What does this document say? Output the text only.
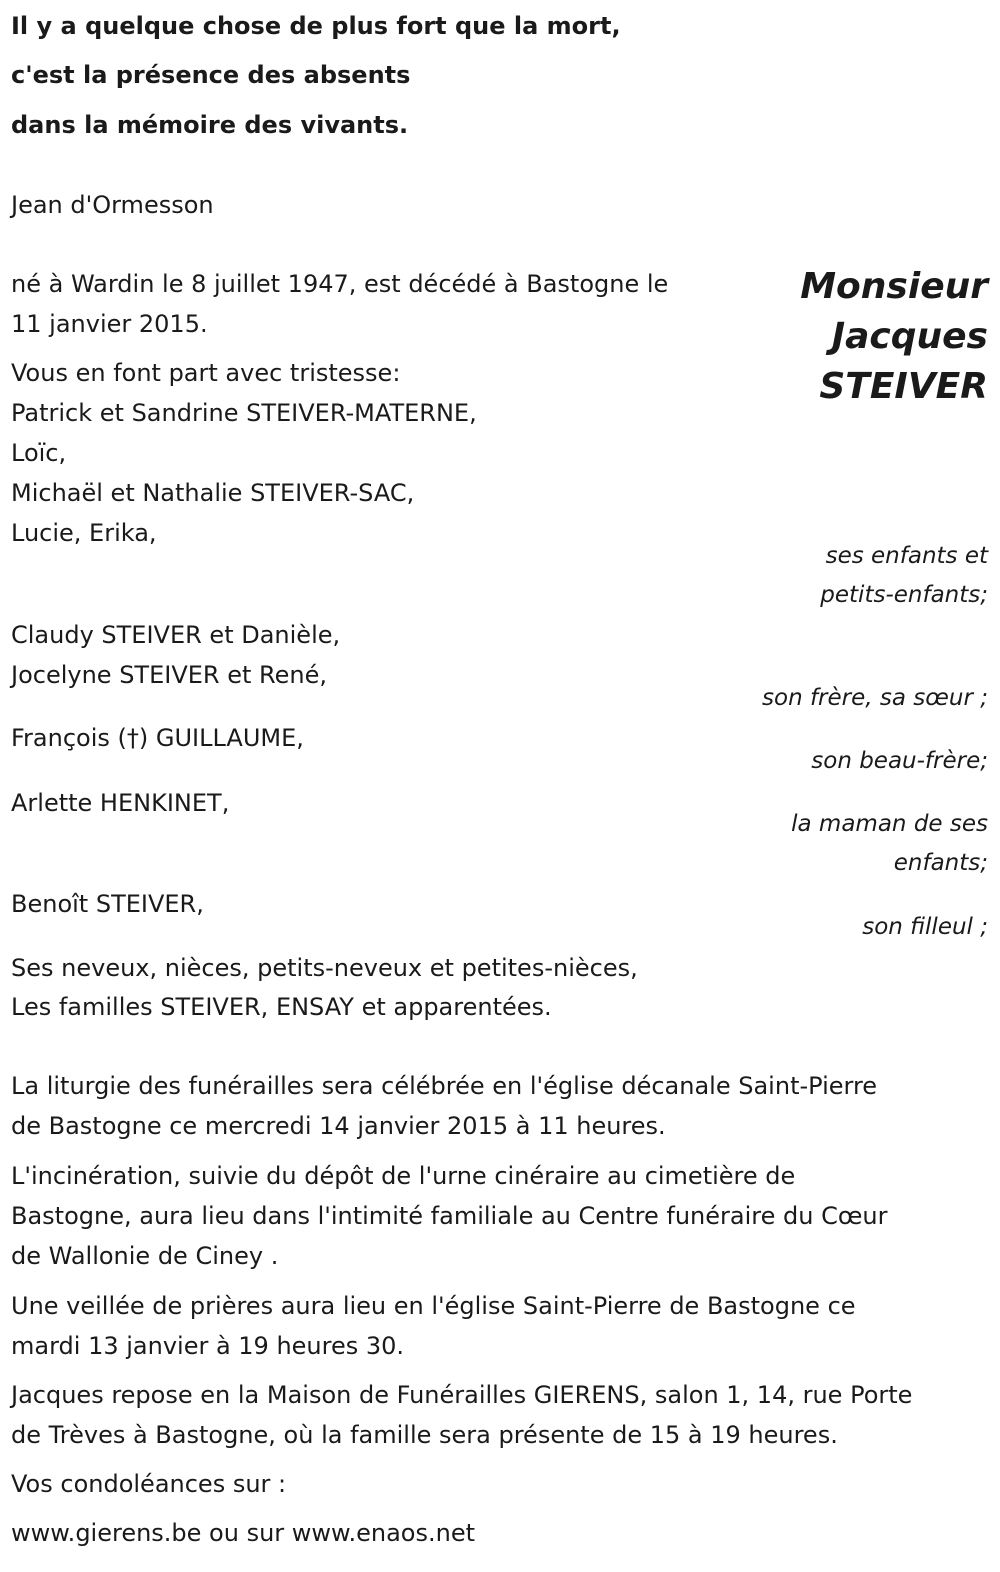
Il y a quelque chose de plus fort que la mort,

c'est la présence des absents

dans la mémoire des vivants.

Jean d'Ormesson

Monsieur
Jacques
STEIVER

né à Wardin le 8 juillet 1947, est décédé à Bastogne le

11 janvier 2015.

Vous en font part avec tristesse:

Patrick et Sandrine STEIVER-MATERNE,

Loïc,

Michaël et Nathalie STEIVER-SAC,

Lucie, Erika,

ses enfants et

petits-enfants;

Claudy STEIVER et Danièle,

Jocelyne STEIVER et René,

son frère, sa sœur ;

François (†) GUILLAUME,

son beau-frère;

Arlette HENKINET,

la maman de ses

enfants;

Benoît STEIVER,

son filleul ;

Ses neveux, nièces, petits-neveux et petites-nièces,

Les familles STEIVER, ENSAY et apparentées.

La liturgie des funérailles sera célébrée en l'église décanale Saint-Pierre

de Bastogne ce mercredi 14 janvier 2015 à 11 heures.

L'incinération, suivie du dépôt de l'urne cinéraire au cimetière de

Bastogne, aura lieu dans l'intimité familiale au Centre funéraire du Cœur

de Wallonie de Ciney .

Une veillée de prières aura lieu en l'église Saint-Pierre de Bastogne ce

mardi 13 janvier à 19 heures 30.

Jacques repose en la Maison de Funérailles GIERENS, salon 1, 14, rue Porte

de Trèves à Bastogne, où la famille sera présente de 15 à 19 heures.

Vos condoléances sur :

www.gierens.be ou sur www.enaos.net
